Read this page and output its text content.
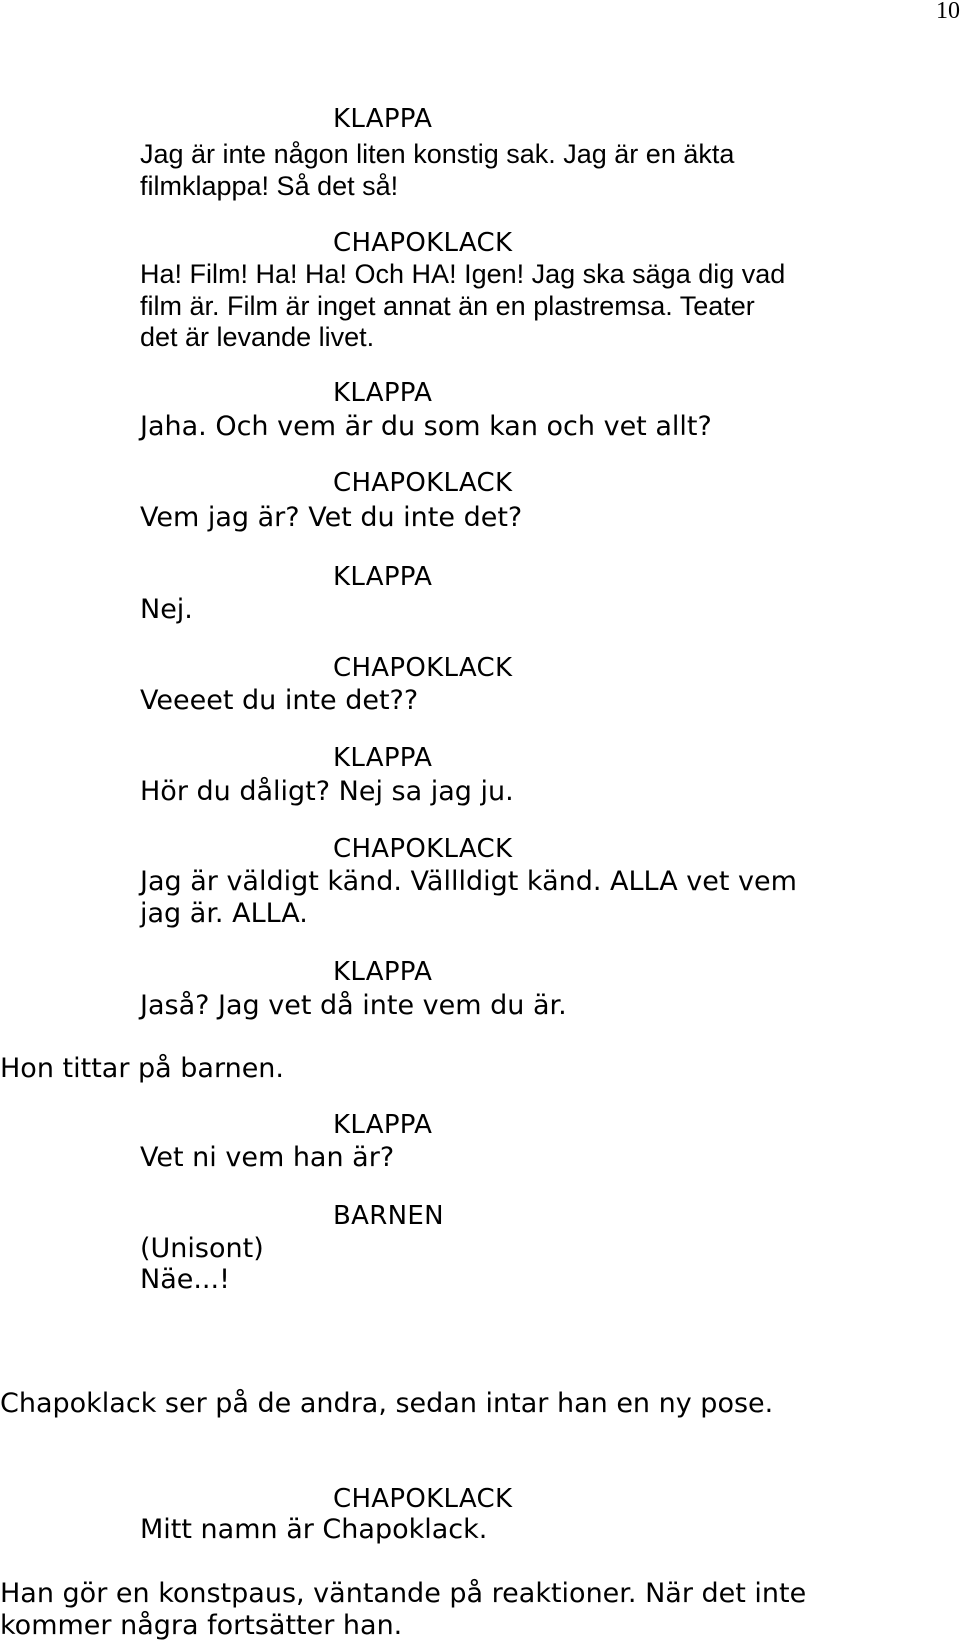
10
KLAPPA
Jag är inte någon liten konstig sak. Jag är en äkta
filmklappa! Så det så!
CHAPOKLACK
Ha! Film! Ha! Ha! Och HA! Igen! Jag ska säga dig vad
film är. Film är inget annat än en plastremsa. Teater
det är levande livet.
KLAPPA
Jaha. Och vem är du som kan och vet allt?
CHAPOKLACK
Vem jag är? Vet du inte det?
KLAPPA
Nej.
CHAPOKLACK
Veeeet du inte det??
KLAPPA
Hör du dåligt? Nej sa jag ju.
CHAPOKLACK
Jag är väldigt känd. Vällldigt känd. ALLA vet vem
jag är. ALLA.
KLAPPA
Jaså? Jag vet då inte vem du är.
Hon tittar på barnen.
KLAPPA
Vet ni vem han är?
BARNEN
(Unisont)
Näe...!
Chapoklack ser på de andra, sedan intar han en ny pose.
CHAPOKLACK
Mitt namn är Chapoklack.
Han gör en konstpaus, väntande på reaktioner. När det inte
kommer några fortsätter han.
